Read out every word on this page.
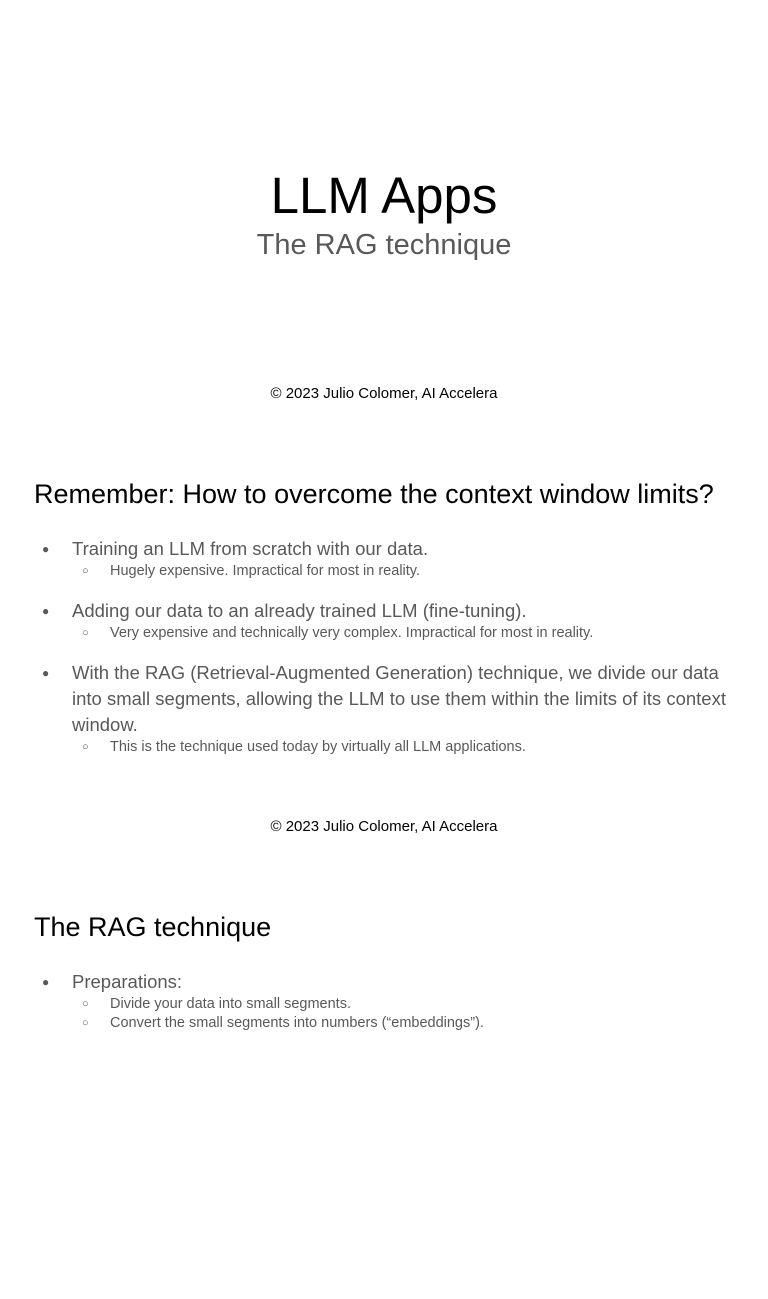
LLM Apps
The RAG technique
© 2023 Julio Colomer, AI Accelera
Remember: How to overcome the context window limits?
● Training an LLM from scratch with our data.
○ Hugely expensive. Impractical for most in reality.
● Adding our data to an already trained LLM (fine-tuning).
○ Very expensive and technically very complex. Impractical for most in reality.
● With the RAG (Retrieval-Augmented Generation) technique, we divide our data into small segments, allowing the LLM to use them within the limits of its context window.
○ This is the technique used today by virtually all LLM applications.
© 2023 Julio Colomer, AI Accelera
The RAG technique
● Preparations:
○ Divide your data into small segments.
○ Convert the small segments into numbers (“embeddings”).
